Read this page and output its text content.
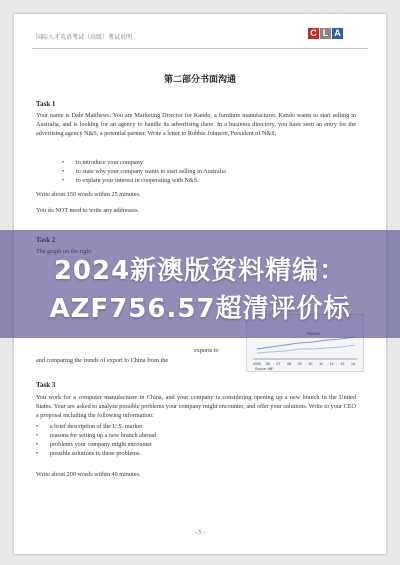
国际人才英语考试（高级）考试说明	C L A
第二部分书面沟通
Task 1
Your name is Dale Matthews. You are Marketing Director for Kando, a furniture manufacturer. Kando wants to start selling in Australia, and is looking for an agency to handle its advertising there. In a business directory, you have seen an entry for the advertising agency N&S, a potential partner. Write a letter to Robbie Johnson, President of N&S,
• to introduce your company
• to state why your company wants to start selling in Australia
• to explain your interest in cooperating with N&S.
Write about 150 words within 25 minutes.
You do NOT need to write any addresses.
exports to
and comparing the trends of export to China from the	2006 06 07 08 09 10 11 12 13 14
Source: IMF
Task 3
You work for a computer manufacturer in China, and your company is considering opening up a new branch in the United States. Your are asked to analyze possible problems your company might encounter, and offer your solutions. Write to your CEO a proposal including the following information:
• a brief description of the U.S. market
• reasons for setting up a new branch abroad
• problems your company might encounter
• possible solutions to these problems.
Write about 200 words within 40 minutes.
- 5 -
2024新澳版资料精编：
AZF756.57超清评价标
